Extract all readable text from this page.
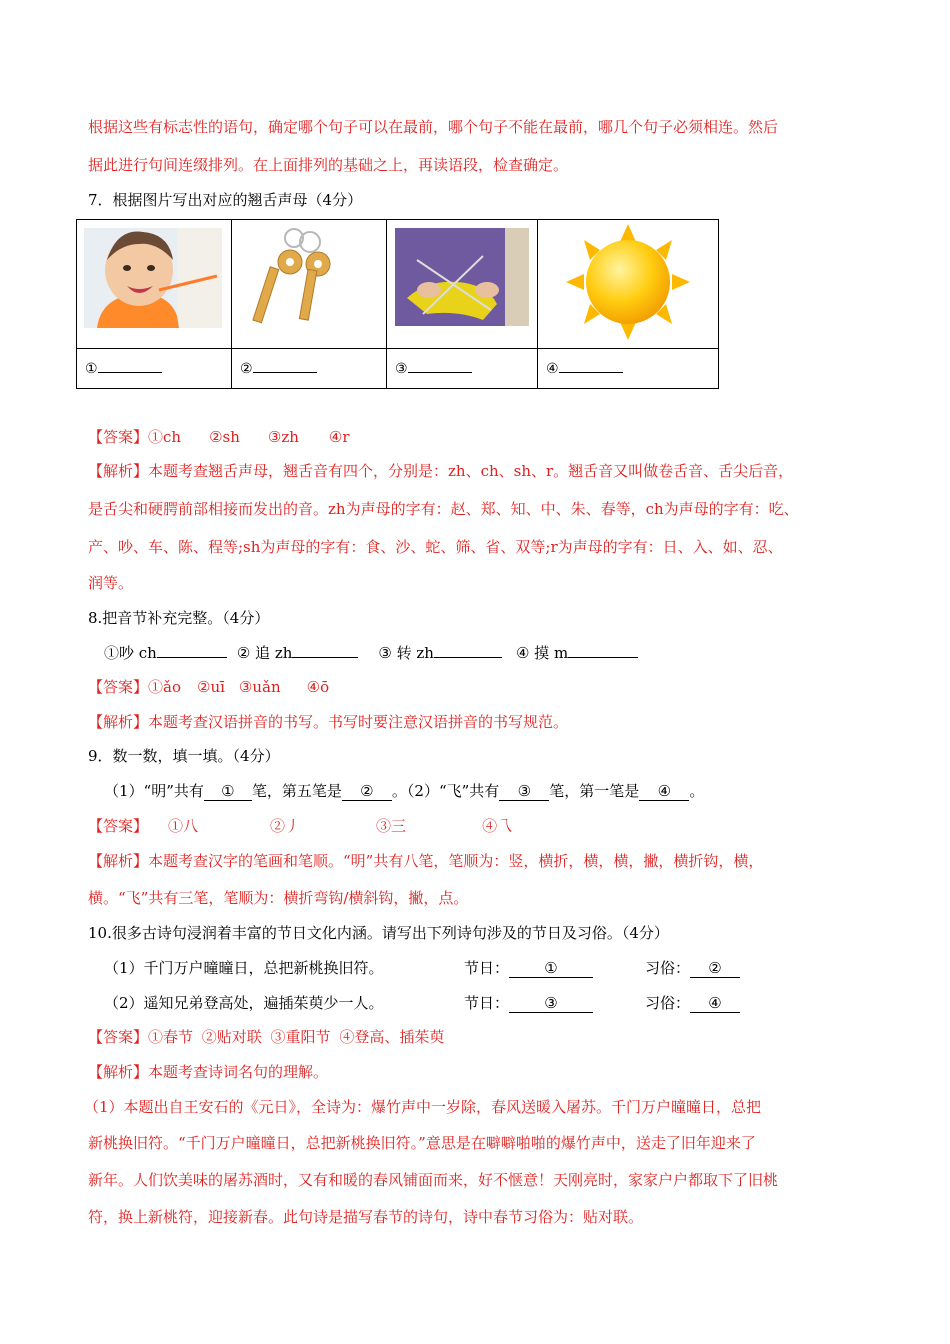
根据这些有标志性的语句，确定哪个句子可以在最前，哪个句子不能在最前，哪几个句子必须相连。然后
据此进行句间连缀排列。在上面排列的基础之上，再读语段，检查确定。
7．根据图片写出对应的翘舌声母（4分）

①	②	③	④
【答案】①ch ②sh ③zh ④r
【解析】本题考查翘舌声母，翘舌音有四个，分别是：zh、ch、sh、r。翘舌音又叫做卷舌音、舌尖后音，
是舌尖和硬腭前部相接而发出的音。zh为声母的字有：赵、郑、知、中、朱、春等，ch为声母的字有：吃、
产、吵、车、陈、程等;sh为声母的字有：食、沙、蛇、筛、省、双等;r为声母的字有：日、入、如、忍、
润等。
8.把音节补充完整。（4分）
①吵 ch	② 追 zh	③ 转 zh	④ 摸 m
【答案】①ǎo ②uī ③uǎn ④ō
【解析】本题考查汉语拼音的书写。书写时要注意汉语拼音的书写规范。
9．数一数，填一填。（4分）
（1）“明”共有 ① 笔，第五笔是 ② 。（2）“飞”共有 ③ 笔，第一笔是 ④ 。
【答案】 ①八	②丿	③三	④乁
【解析】本题考查汉字的笔画和笔顺。“明”共有八笔，笔顺为：竖，横折，横，横，撇，横折钩，横，
横。“飞”共有三笔，笔顺为：横折弯钩/横斜钩，撇，点。
10.很多古诗句浸润着丰富的节日文化内涵。请写出下列诗句涉及的节日及习俗。（4分）
（1）千门万户曈曈日，总把新桃换旧符。	节日： ①	习俗： ②
（2）遥知兄弟登高处，遍插茱萸少一人。	节日： ③	习俗： ④
【答案】①春节 ②贴对联 ③重阳节 ④登高、插茱萸
【解析】本题考查诗词名句的理解。
（1）本题出自王安石的《元日》，全诗为：爆竹声中一岁除，春风送暖入屠苏。千门万户曈曈日，总把
新桃换旧符。“千门万户曈曈日，总把新桃换旧符。”意思是在噼噼啪啪的爆竹声中，送走了旧年迎来了
新年。人们饮美味的屠苏酒时，又有和暖的春风铺面而来，好不惬意！天刚亮时，家家户户都取下了旧桃
符，换上新桃符，迎接新春。此句诗是描写春节的诗句，诗中春节习俗为：贴对联。
